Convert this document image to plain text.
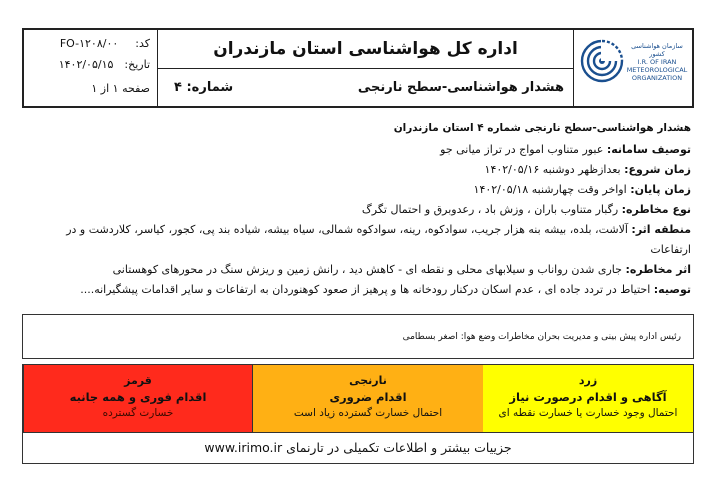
کد:  FO-۱۲۰۸/۰۰
تاریخ:  ۱۴۰۲/۰۵/۱۵
صفحه ۱ از ۱
اداره کل هواشناسی استان مازندران
شماره: ۴	هشدار هواشناسی-سطح نارنجی
سازمان هواشناسی کشور
I.R. OF IRAN
METEOROLOGICAL
ORGANIZATION
هشدار هواشناسی-سطح نارنجی شماره ۴ استان مازندران
توصیف سامانه: عبور متناوب امواج در تراز میانی جو
زمان شروع: بعدازظهر دوشنبه ۱۴۰۲/۰۵/۱۶
زمان پایان: اواخر وقت چهارشنبه ۱۴۰۲/۰۵/۱۸
نوع مخاطره: رگبار متناوب باران ، وزش باد ، رعدوبرق و احتمال تگرگ
منطقه اثر: آلاشت، بلده، بیشه بنه هزار جریب، سوادکوه، رینه، سوادکوه شمالی، سیاه بیشه، شیاده بند پی، کجور، کیاسر، کلاردشت و در
ارتفاعات
اثر مخاطره: جاری شدن رواناب و سیلابهای محلی و نقطه ای - کاهش دید ، رانش زمین و ریزش سنگ در محورهای کوهستانی
توصیه: احتیاط در تردد جاده ای ، عدم اسکان درکنار رودخانه ها و پرهیز از صعود کوهنوردان به ارتفاعات و سایر اقدامات پیشگیرانه....
رئیس اداره پیش بینی و مدیریت بحران مخاطرات وضع هوا: اصغر بسطامی
قرمز
اقدام فوری و همه جانبه
خسارت گسترده
نارنجی
اقدام ضروری
احتمال خسارت گسترده زیاد است
زرد
آگاهی و اقدام درصورت نیاز
احتمال وجود خسارت یا خسارت نقطه ای
جزییات بیشتر و اطلاعات تکمیلی در تارنمای www.irimo.ir
